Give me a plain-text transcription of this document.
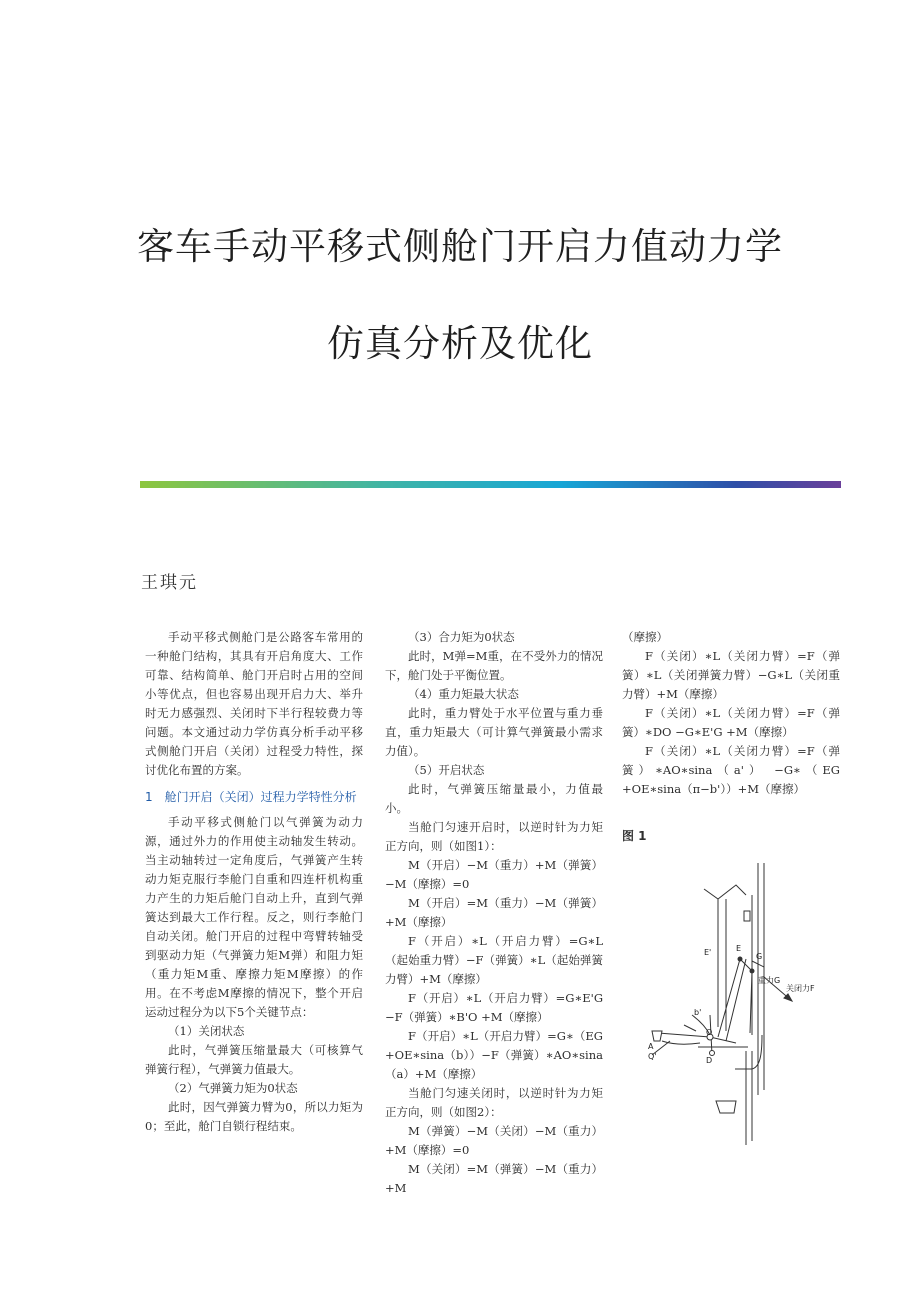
客车手动平移式侧舱门开启力值动力学
仿真分析及优化
王琪元

手动平移式侧舱门是公路客车常用的一种舱门结构，其具有开启角度大、工作可靠、结构简单、舱门开启时占用的空间小等优点，但也容易出现开启力大、举升时无力感强烈、关闭时下半行程较费力等问题。本文通过动力学仿真分析手动平移式侧舱门开启（关闭）过程受力特性，探讨优化布置的方案。

1　舱门开启（关闭）过程力学特性分析

手动平移式侧舱门以气弹簧为动力源，通过外力的作用使主动轴发生转动。当主动轴转过一定角度后，气弹簧产生转动力矩克服行李舱门自重和四连杆机构重力产生的力矩后舱门自动上升，直到气弹簧达到最大工作行程。反之，则行李舱门自动关闭。舱门开启的过程中弯臂转轴受到驱动力矩（气弹簧力矩M弹）和阻力矩（重力矩M重、摩擦力矩M摩擦）的作用。在不考虑M摩擦的情况下，整个开启运动过程分为以下5个关键节点：

（1）关闭状态

此时，气弹簧压缩量最大（可核算气弹簧行程），气弹簧力值最大。

（2）气弹簧力矩为0状态

此时，因气弹簧力臂为0，所以力矩为0；至此，舱门自锁行程结束。

（3）合力矩为0状态

此时，M弹=M重，在不受外力的情况下，舱门处于平衡位置。

（4）重力矩最大状态

此时，重力臂处于水平位置与重力垂直，重力矩最大（可计算气弹簧最小需求力值）。

（5）开启状态

此时，气弹簧压缩量最小，力值最小。

当舱门匀速开启时，以逆时针为力矩正方向，则（如图1）：

M（开启）−M（重力）+M（弹簧）−M（摩擦）=0

M（开启）=M（重力）−M（弹簧）+M（摩擦）

F（开启）∗L（开启力臂）=G∗L（起始重力臂）−F（弹簧）∗L（起始弹簧力臂）+M（摩擦）

F（开启）∗L（开启力臂）=G∗E'G −F（弹簧）∗B'O +M（摩擦）

F（开启）∗L（开启力臂）=G∗（EG +OE∗sina（b））−F（弹簧）∗AO∗sina（a）+M（摩擦）

当舱门匀速关闭时，以逆时针为力矩正方向，则（如图2）：

M（弹簧）−M（关闭）−M（重力）+M（摩擦）=0

M（关闭）=M（弹簧）−M（重力）+M

（摩擦）

F（关闭）∗L（关闭力臂）=F（弹簧）∗L（关闭弹簧力臂）−G∗L（关闭重力臂）+M（摩擦）

F（关闭）∗L（关闭力臂）=F（弹簧）∗DO −G∗E'G +M（摩擦）

F（关闭）∗L（关闭力臂）=F（弹簧）∗AO∗sina（a'） −G∗（EG +OE∗sina（π−b'））+M（摩擦）

图 1

E'	E
G
重力G
关闭力F
b'
O
A
Q'	D
